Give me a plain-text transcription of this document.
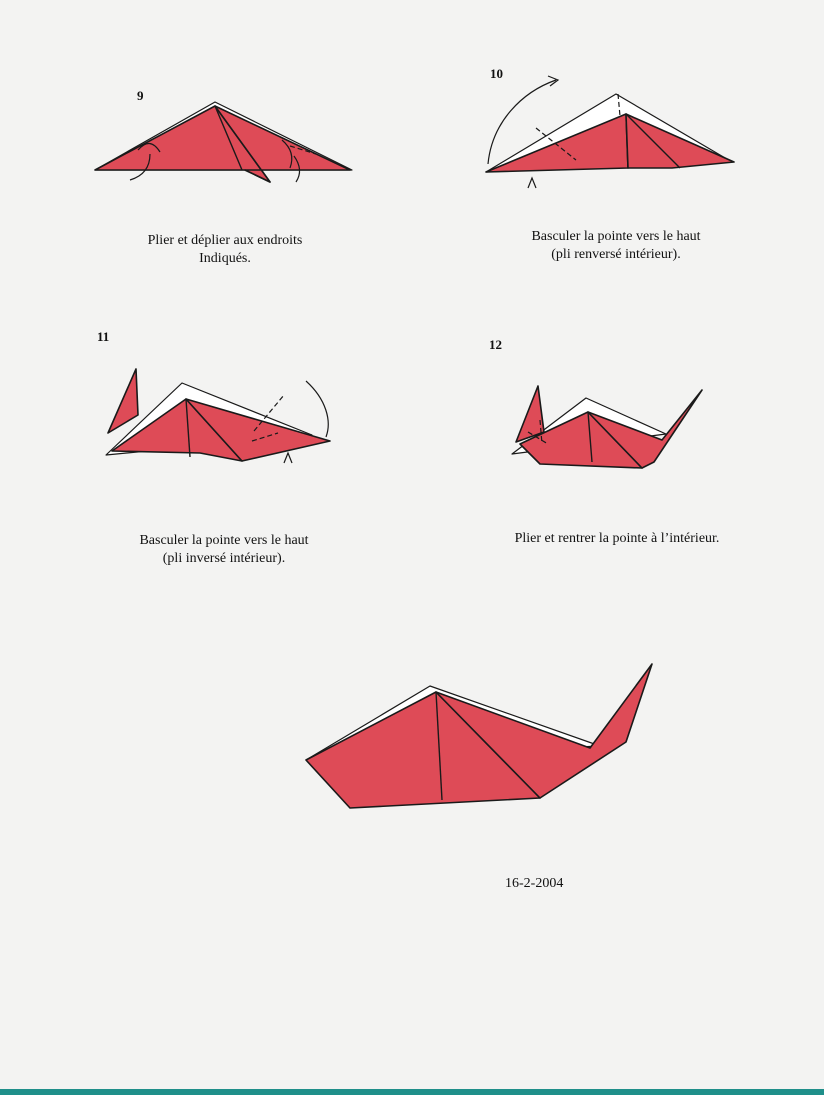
9
Plier et déplier aux endroits
Indiqués.
10
Basculer la pointe vers le haut
(pli renversé intérieur).
11
Basculer la pointe vers le haut
(pli inversé intérieur).
12
Plier et rentrer la pointe à l’intérieur.
16-2-2004
